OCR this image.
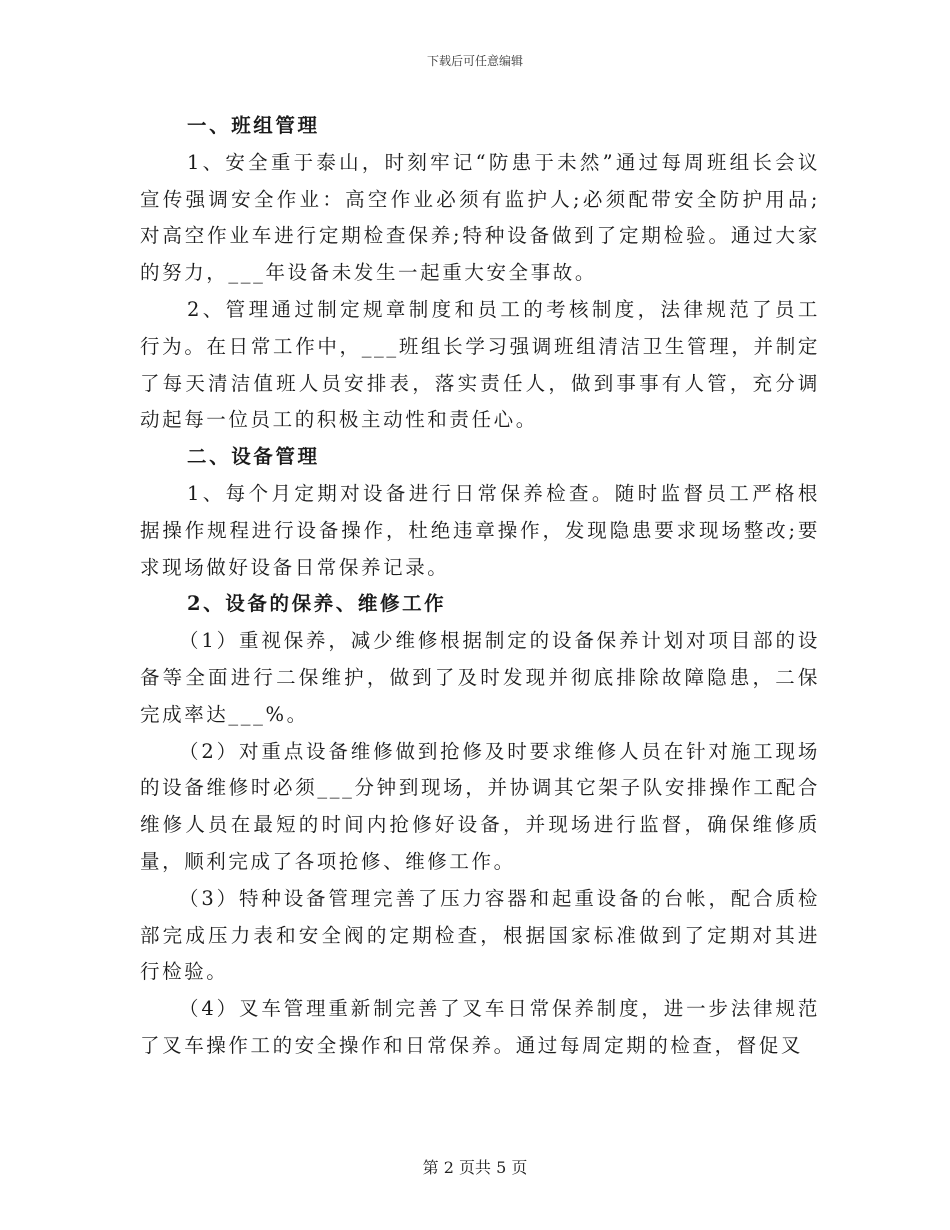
下载后可任意编辑

一、班组管理

1、安全重于泰山，时刻牢记“防患于未然”通过每周班组长会议宣传强调安全作业：高空作业必须有监护人;必须配带安全防护用品;对高空作业车进行定期检查保养;特种设备做到了定期检验。通过大家的努力，___年设备未发生一起重大安全事故。

2、管理通过制定规章制度和员工的考核制度，法律规范了员工行为。在日常工作中，___班组长学习强调班组清洁卫生管理，并制定了每天清洁值班人员安排表，落实责任人，做到事事有人管，充分调动起每一位员工的积极主动性和责任心。

二、设备管理

1、每个月定期对设备进行日常保养检查。随时监督员工严格根据操作规程进行设备操作，杜绝违章操作，发现隐患要求现场整改;要求现场做好设备日常保养记录。

2、设备的保养、维修工作

（1）重视保养，减少维修根据制定的设备保养计划对项目部的设备等全面进行二保维护，做到了及时发现并彻底排除故障隐患，二保完成率达___%。

（2）对重点设备维修做到抢修及时要求维修人员在针对施工现场的设备维修时必须___分钟到现场，并协调其它架子队安排操作工配合维修人员在最短的时间内抢修好设备，并现场进行监督，确保维修质量，顺利完成了各项抢修、维修工作。

（3）特种设备管理完善了压力容器和起重设备的台帐，配合质检部完成压力表和安全阀的定期检查，根据国家标准做到了定期对其进行检验。

（4）叉车管理重新制完善了叉车日常保养制度，进一步法律规范了叉车操作工的安全操作和日常保养。通过每周定期的检查，督促叉

第 2 页共 5 页
